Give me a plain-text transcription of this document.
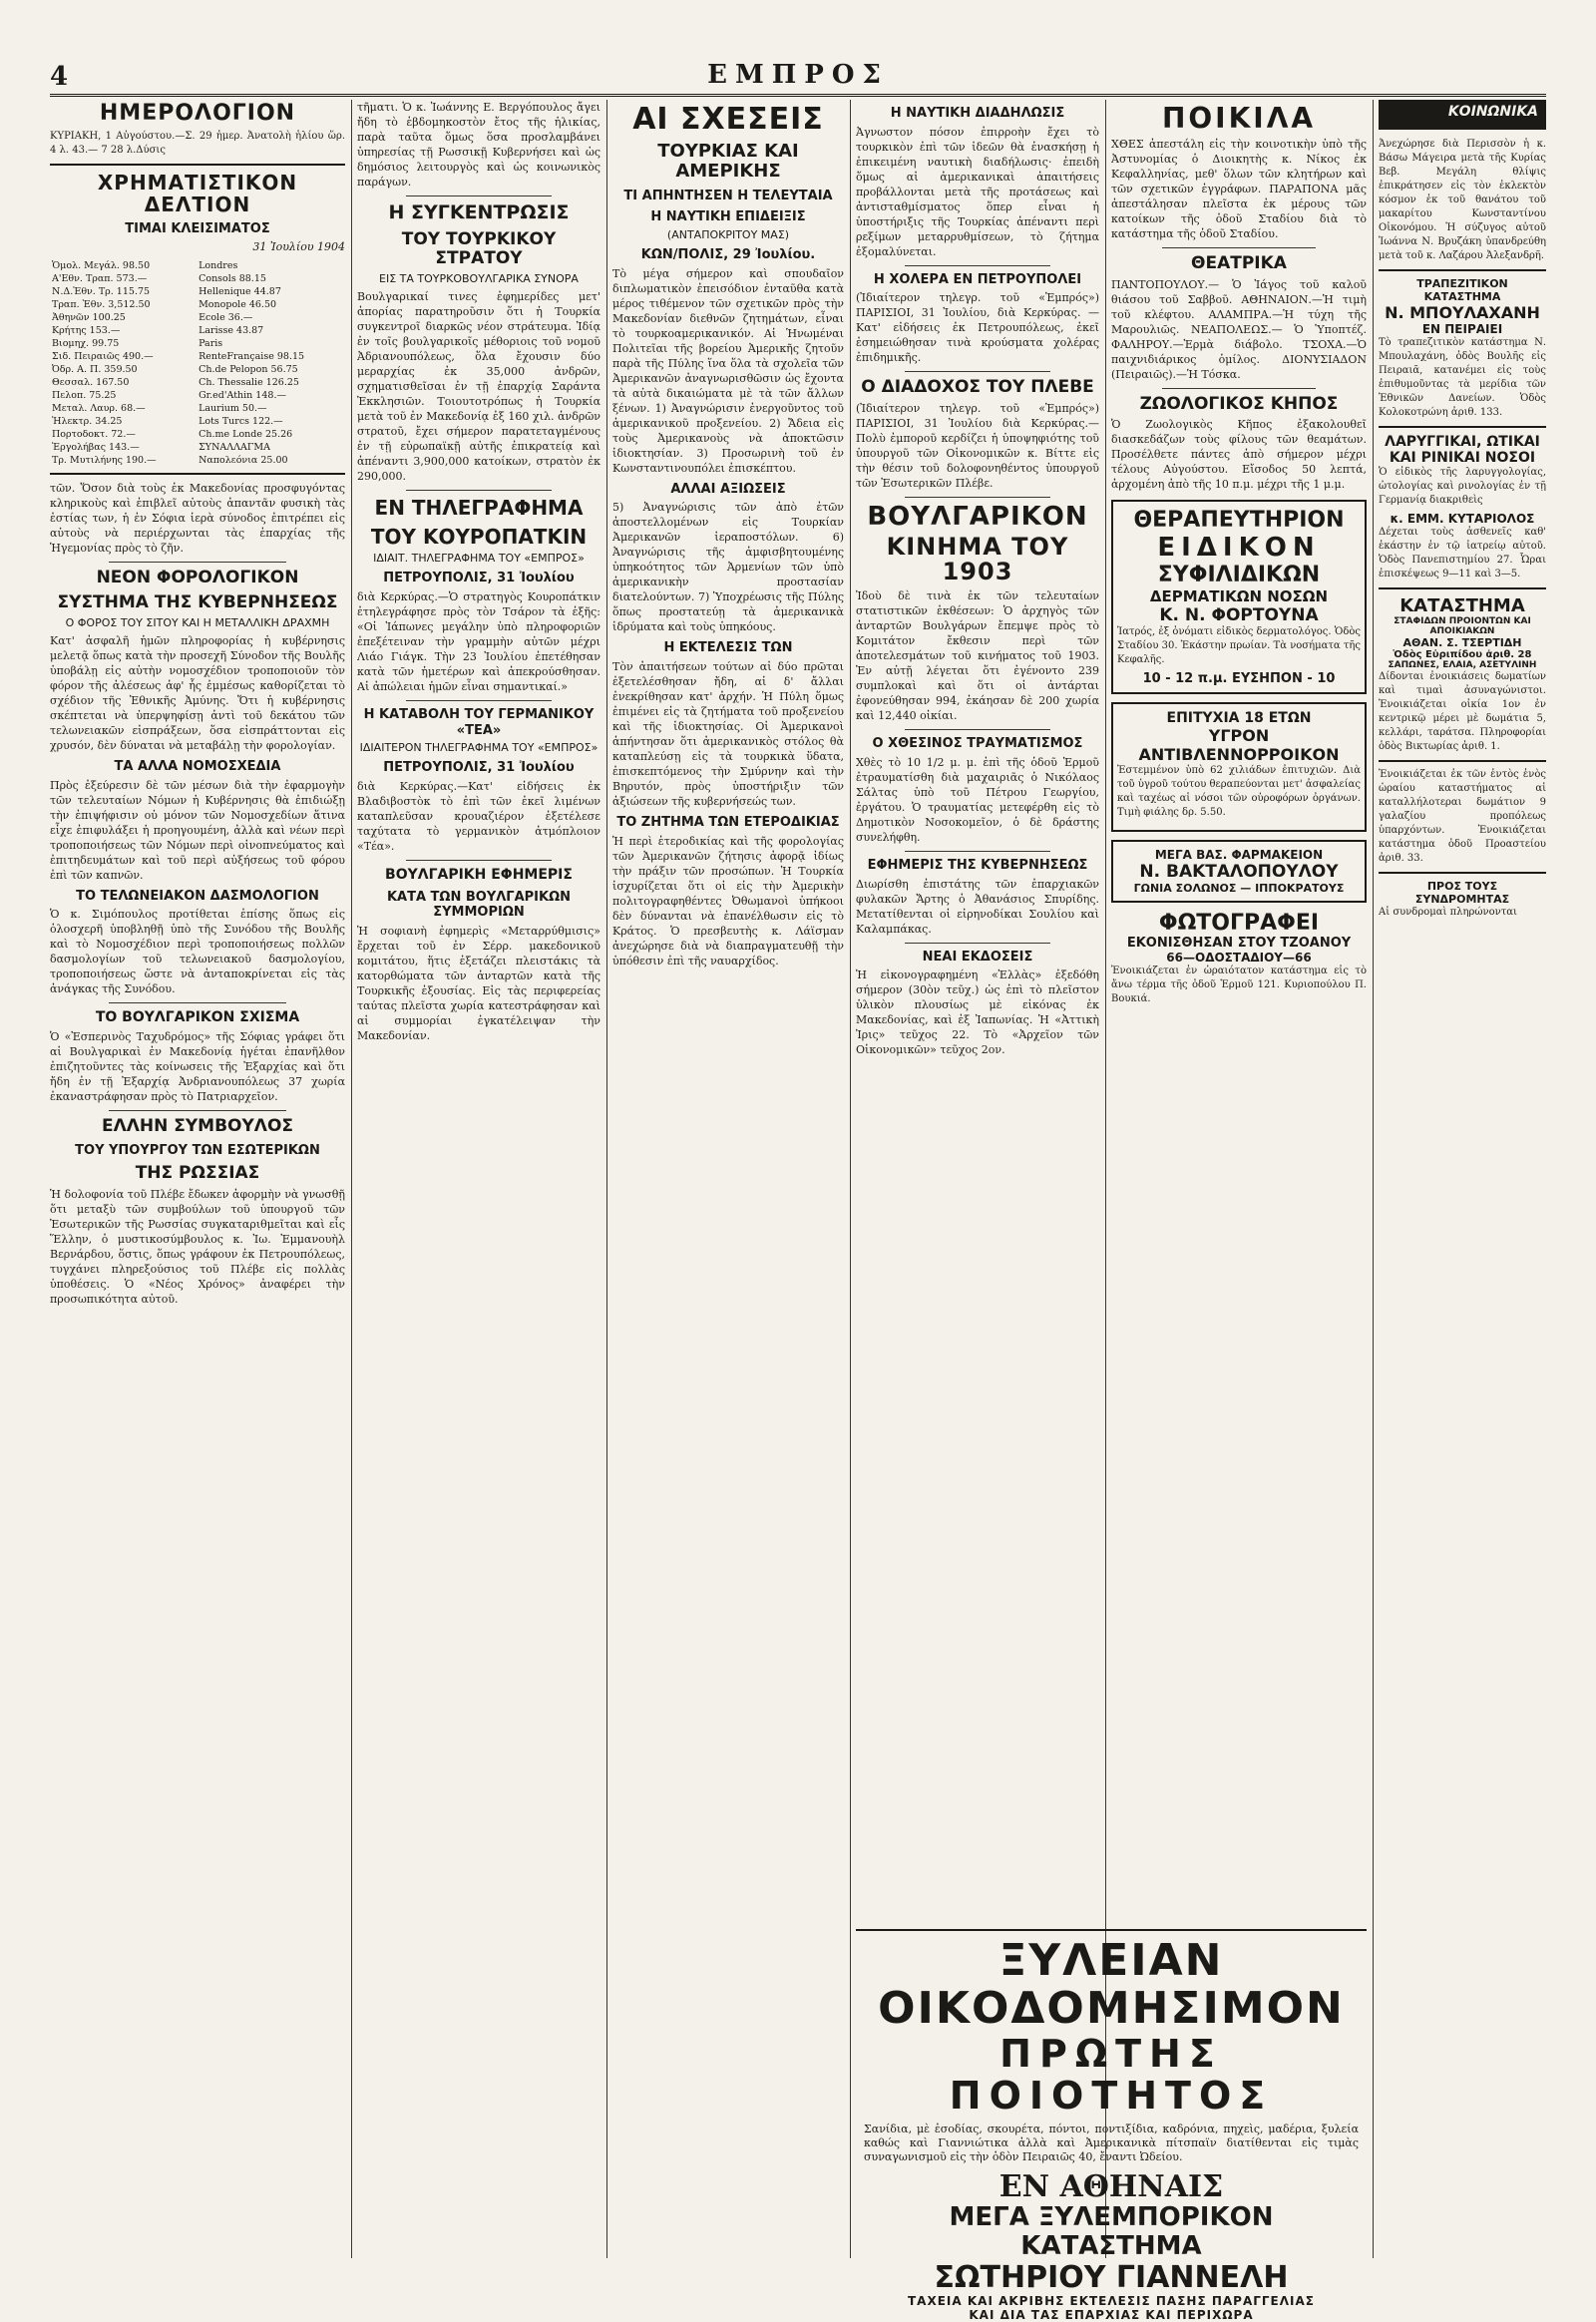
4	ΕΜΠΡΟΣ
ΗΜΕΡΟΛΟΓΙΟΝ

ΚΥΡΙΑΚΗ, 1 Αὐγούστου.—Σ. 29 ἡμερ. Ἀνατολὴ ἡλίου ὥρ. 4 λ. 43.— 7 28 λ.Δύσις

ΧΡΗΜΑΤΙΣΤΙΚΟΝ ΔΕΛΤΙΟΝ
ΤΙΜΑΙ ΚΛΕΙΣΙΜΑΤΟΣ
31 Ἰουλίου 1904
Ὁμολ. Μεγάλ. 98.50	Londres
Α'Εθν. Τραπ. 573.—	Consols 88.15
Ν.Δ.Ἐθν. Τρ. 115.75	Hellenique 44.87
Τραπ. Ἐθν. 3,512.50	Monopole 46.50
Ἀθηνῶν 100.25	Ecole 36.—
Κρήτης 153.—	Larisse 43.87
Βιομηχ. 99.75	Paris
Σιδ. Πειραιῶς 490.—	RenteFrançaise 98.15
Ὀδρ. Α. Π. 359.50	Ch.de Pelopon 56.75
Θεσσαλ. 167.50	Ch. Thessalie 126.25
Πελοπ. 75.25	Gr.ed'Athin 148.—
Μεταλ. Λαυρ. 68.—	Laurium 50.—
Ἠλεκτρ. 34.25	Lots Turcs 122.—
Πορτοδοκτ. 72.—	Ch.me Londe 25.26
Ἐργολήβας 143.—	ΣΥΝΑΛΛΑΓΜΑ
Τρ. Μυτιλήνης 190.—	Ναπολεόνια 25.00

τῶν. Ὅσον διὰ τοὺς ἐκ Μακεδονίας προσφυγόντας κληρικοὺς καὶ ἐπιβλεῖ αὐτοὺς ἀπαντᾶν φυσικὴ τὰς ἐστίας των, ἡ ἐν Σόφια ἱερὰ σύνοδος ἐπιτρέπει εἰς αὐτοὺς νὰ περιέρχωνται τὰς ἐπαρχίας τῆς Ἡγεμονίας πρὸς τὸ ζῆν.

ΝΕΟΝ ΦΟΡΟΛΟΓΙΚΟΝ
ΣΥΣΤΗΜΑ ΤΗΣ ΚΥΒΕΡΝΗΣΕΩΣ
Ο ΦΟΡΟΣ ΤΟΥ ΣΙΤΟΥ ΚΑΙ Η ΜΕΤΑΛΛΙΚΗ ΔΡΑΧΜΗ

Κατ' ἀσφαλῆ ἡμῶν πληροφορίας ἡ κυβέρνησις μελετᾷ ὅπως κατὰ τὴν προσεχῆ Σύνοδον τῆς Βουλῆς ὑποβάλῃ εἰς αὐτὴν νομοσχέδιον τροποποιοῦν τὸν φόρον τῆς ἀλέσεως ἀφ' ἧς ἐμμέσως καθορίζεται τὸ σχέδιον τῆς Ἐθνικῆς Ἀμύνης. Ὅτι ἡ κυβέρνησις σκέπτεται νὰ ὑπερψηφίσῃ ἀντὶ τοῦ δεκάτου τῶν τελωνειακῶν εἰσπράξεων, ὅσα εἰσπράττονται εἰς χρυσόν, δὲν δύναται νὰ μεταβάλῃ τὴν φορολογίαν.

ΤΑ ΑΛΛΑ ΝΟΜΟΣΧΕΔΙΑ

Πρὸς ἐξεύρεσιν δὲ τῶν μέσων διὰ τὴν ἐφαρμογὴν τῶν τελευταίων Νόμων ἡ Κυβέρνησις θὰ ἐπιδιώξῃ τὴν ἐπιψήφισιν οὐ μόνον τῶν Νομοσχεδίων ἅτινα εἶχε ἐπιφυλάξει ἡ προηγουμένη, ἀλλὰ καὶ νέων περὶ τροποποιήσεως τῶν Νόμων περὶ οἰνοπνεύματος καὶ ἐπιτηδευμάτων καὶ τοῦ περὶ αὐξήσεως τοῦ φόρου ἐπὶ τῶν καπνῶν.

ΤΟ ΤΕΛΩΝΕΙΑΚΟΝ ΔΑΣΜΟΛΟΓΙΟΝ

Ὁ κ. Σιμόπουλος προτίθεται ἐπίσης ὅπως εἰς ὁλοσχερῆ ὑποβληθῇ ὑπὸ τῆς Συνόδου τῆς Βουλῆς καὶ τὸ Νομοσχέδιον περὶ τροποποιήσεως πολλῶν δασμολογίων τοῦ τελωνειακοῦ δασμολογίου, τροποποιήσεως ὥστε νὰ ἀνταποκρίνεται εἰς τὰς ἀνάγκας τῆς Συνόδου.

ΤΟ ΒΟΥΛΓΑΡΙΚΟΝ ΣΧΙΣΜΑ

Ὁ «Ἐσπερινὸς Ταχυδρόμος» τῆς Σόφιας γράφει ὅτι αἱ Βουλγαρικαὶ ἐν Μακεδονίᾳ ἡγέται ἐπανῆλθον ἐπιζητοῦντες τὰς κοίνωσεις τῆς Ἐξαρχίας καὶ ὅτι ἤδη ἐν τῇ Ἐξαρχίᾳ Ἀνδριανουπόλεως 37 χωρία ἐκαναστράφησαν πρὸς τὸ Πατριαρχεῖον.

ΕΛΛΗΝ ΣΥΜΒΟΥΛΟΣ
ΤΟΥ ΥΠΟΥΡΓΟΥ ΤΩΝ ΕΣΩΤΕΡΙΚΩΝ
ΤΗΣ ΡΩΣΣΙΑΣ

Ἡ δολοφονία τοῦ Πλέβε ἔδωκεν ἀφορμὴν νὰ γνωσθῇ ὅτι μεταξὺ τῶν συμβούλων τοῦ ὑπουργοῦ τῶν Ἐσωτερικῶν τῆς Ρωσσίας συγκαταριθμεῖται καὶ εἷς Ἕλλην, ὁ μυστικοσύμβουλος κ. Ἰω. Ἐμμανουὴλ Βερνάρδου, ὅστις, ὅπως γράφουν ἐκ Πετρουπόλεως, τυγχάνει πληρεξούσιος τοῦ Πλέβε εἰς πολλὰς ὑποθέσεις. Ὁ «Νέος Χρόνος» ἀναφέρει τὴν προσωπικότητα αὐτοῦ.

τῆματι. Ὁ κ. Ἰωάννης Ε. Βεργόπουλος ἄγει ἤδη τὸ ἑβδομηκοστὸν ἔτος τῆς ἡλικίας, παρὰ ταῦτα ὅμως ὅσα προσλαμβάνει ὑπηρεσίας τῇ Ρωσσικῇ Κυβερνήσει καὶ ὡς δημόσιος λειτουργὸς καὶ ὡς κοινωνικὸς παράγων.

Η ΣΥΓΚΕΝΤΡΩΣΙΣ
ΤΟΥ ΤΟΥΡΚΙΚΟΥ ΣΤΡΑΤΟΥ
ΕΙΣ ΤΑ ΤΟΥΡΚΟΒΟΥΛΓΑΡΙΚΑ ΣΥΝΟΡΑ

Βουλγαρικαί τινες ἐφημερίδες μετ' ἀπορίας παρατηροῦσιν ὅτι ἡ Τουρκία συγκεντροῖ διαρκῶς νέον στράτευμα. Ἰδίᾳ ἐν τοῖς βουλγαρικοῖς μέθοριοις τοῦ νομοῦ Ἀδριανουπόλεως, ὅλα ἔχουσιν δύο μεραρχίας ἐκ 35,000 ἀνδρῶν, σχηματισθεῖσαι ἐν τῇ ἐπαρχίᾳ Σαράντα Ἐκκλησιῶν. Τοιουτοτρόπως ἡ Τουρκία μετὰ τοῦ ἐν Μακεδονίᾳ ἐξ 160 χιλ. ἀνδρῶν στρατοῦ, ἔχει σήμερον παρατεταγμένους ἐν τῇ εὐρωπαϊκῇ αὐτῆς ἐπικρατείᾳ καὶ ἀπέναντι 3,900,000 κατοίκων, στρατὸν ἐκ 290,000.

ΕΝ ΤΗΛΕΓΡΑΦΗΜΑ
ΤΟΥ ΚΟΥΡΟΠΑΤΚΙΝ
ΙΔΙΑΙΤ. ΤΗΛΕΓΡΑΦΗΜΑ ΤΟΥ «ΕΜΠΡΟΣ»
ΠΕΤΡΟΥΠΟΛΙΣ, 31 Ἰουλίου

διὰ Κερκύρας.—Ὁ στρατηγὸς Κουροπάτκιν ἐτηλεγράφησε πρὸς τὸν Τσάρον τὰ ἑξῆς: «Οἱ Ἰάπωνες μεγάλην ὑπὸ πληροφοριῶν ἐπεξέτειναν τὴν γραμμὴν αὐτῶν μέχρι Λιάο Γιάγκ. Τὴν 23 Ἰουλίου ἐπετέθησαν κατὰ τῶν ἡμετέρων καὶ ἀπεκρούσθησαν. Αἱ ἀπώλειαι ἡμῶν εἶναι σημαντικαί.»

Η ΚΑΤΑΒΟΛΗ ΤΟΥ ΓΕΡΜΑΝΙΚΟΥ «ΤΕΑ»
ΙΔΙΑΙΤΕΡΟΝ ΤΗΛΕΓΡΑΦΗΜΑ ΤΟΥ «ΕΜΠΡΟΣ»
ΠΕΤΡΟΥΠΟΛΙΣ, 31 Ἰουλίου

διὰ Κερκύρας.—Κατ' εἰδήσεις ἐκ Βλαδιβοστὸκ τὸ ἐπὶ τῶν ἐκεῖ λιμένων καταπλεῦσαν κρουαζιέρον ἐξετέλεσε ταχύτατα τὸ γερμανικὸν ἀτμόπλοιον «Τέα».

ΒΟΥΛΓΑΡΙΚΗ ΕΦΗΜΕΡΙΣ
ΚΑΤΑ ΤΩΝ ΒΟΥΛΓΑΡΙΚΩΝ ΣΥΜΜΟΡΙΩΝ

Ἡ σοφιανὴ ἐφημερὶς «Μεταρρύθμισις» ἔρχεται τοῦ ἐν Σέρρ. μακεδονικοῦ κομιτάτου, ἥτις ἐξετάζει πλειστάκις τὰ κατορθώματα τῶν ἀνταρτῶν κατὰ τῆς Τουρκικῆς ἐξουσίας. Εἰς τὰς περιφερείας ταύτας πλεῖστα χωρία κατεστράφησαν καὶ αἱ συμμορίαι ἐγκατέλειψαν τὴν Μακεδονίαν.

ΑΙ ΣΧΕΣΕΙΣ
ΤΟΥΡΚΙΑΣ ΚΑΙ ΑΜΕΡΙΚΗΣ
ΤΙ ΑΠΗΝΤΗΣΕΝ Η ΤΕΛΕΥΤΑΙΑ
Η ΝΑΥΤΙΚΗ ΕΠΙΔΕΙΞΙΣ
(ΑΝΤΑΠΟΚΡΙΤΟΥ ΜΑΣ)
ΚΩΝ/ΠΟΛΙΣ, 29 Ἰουλίου.

Τὸ μέγα σήμερον καὶ σπουδαῖον διπλωματικὸν ἐπεισόδιον ἐνταῦθα κατὰ μέρος τιθέμενον τῶν σχετικῶν πρὸς τὴν Μακεδονίαν διεθνῶν ζητημάτων, εἶναι τὸ τουρκοαμερικανικόν. Αἱ Ἡνωμέναι Πολιτεῖαι τῆς βορείου Ἀμερικῆς ζητοῦν παρὰ τῆς Πύλης ἵνα ὅλα τὰ σχολεῖα τῶν Ἀμερικανῶν ἀναγνωρισθῶσιν ὡς ἔχοντα τὰ αὐτὰ δικαιώματα μὲ τὰ τῶν ἄλλων ξένων. 1) Ἀναγνώρισιν ἐνεργοῦντος τοῦ ἀμερικανικοῦ προξενείου. 2) Ἄδεια εἰς τοὺς Ἀμερικανοὺς νὰ ἀποκτῶσιν ἰδιοκτησίαν. 3) Προσωρινὴ τοῦ ἐν Κωνσταντινουπόλει ἐπισκέπτου.

ΑΛΛΑΙ ΑΞΙΩΣΕΙΣ

5) Ἀναγνώρισις τῶν ἀπὸ ἐτῶν ἀποστελλομένων εἰς Τουρκίαν Ἀμερικανῶν ἱεραποστόλων. 6) Ἀναγνώρισις τῆς ἀμφισβητουμένης ὑπηκοότητος τῶν Ἀρμενίων τῶν ὑπὸ ἀμερικανικὴν προστασίαν διατελούντων. 7) Ὑποχρέωσις τῆς Πύλης ὅπως προστατεύῃ τὰ ἀμερικανικὰ ἱδρύματα καὶ τοὺς ὑπηκόους.

Η ΕΚΤΕΛΕΣΙΣ ΤΩΝ

Τὸν ἀπαιτήσεων τούτων αἱ δύο πρῶται ἐξετελέσθησαν ἤδη, αἱ δ' ἄλλαι ἐνεκρίθησαν κατ' ἀρχήν. Ἡ Πύλη ὅμως ἐπιμένει εἰς τὰ ζητήματα τοῦ προξενείου καὶ τῆς ἱδιοκτησίας. Οἱ Ἀμερικανοὶ ἀπήντησαν ὅτι ἀμερικανικὸς στόλος θὰ καταπλεύσῃ εἰς τὰ τουρκικὰ ὕδατα, ἐπισκεπτόμενος τὴν Σμύρνην καὶ τὴν Βηρυτόν, πρὸς ὑποστήριξιν τῶν ἀξιώσεων τῆς κυβερνήσεώς των.

ΤΟ ΖΗΤΗΜΑ ΤΩΝ ΕΤΕΡΟΔΙΚΙΑΣ

Ἡ περὶ ἑτεροδικίας καὶ τῆς φορολογίας τῶν Ἀμερικανῶν ζήτησις ἀφορᾷ ἰδίως τὴν πράξιν τῶν προσώπων. Ἡ Τουρκία ἰσχυρίζεται ὅτι οἱ εἰς τὴν Ἀμερικὴν πολιτογραφηθέντες Ὀθωμανοὶ ὑπήκοοι δὲν δύνανται νὰ ἐπανέλθωσιν εἰς τὸ Κράτος. Ὁ πρεσβευτὴς κ. Λάϊσμαν ἀνεχώρησε διὰ νὰ διαπραγματευθῇ τὴν ὑπόθεσιν ἐπὶ τῆς ναυαρχίδος.

Η ΝΑΥΤΙΚΗ ΔΙΑΔΗΛΩΣΙΣ

Ἀγνωστον πόσον ἐπιρροὴν ἔχει τὸ τουρκικὸν ἐπὶ τῶν ἰδεῶν θὰ ἐνασκήσῃ ἡ ἐπικειμένη ναυτικὴ διαδήλωσις· ἐπειδὴ ὅμως αἱ ἀμερικανικαὶ ἀπαιτήσεις προβάλλονται μετὰ τῆς προτάσεως καὶ ἀντισταθμίσματος ὅπερ εἶναι ἡ ὑποστήριξις τῆς Τουρκίας ἀπέναντι περὶ ρεξίμων μεταρρυθμίσεων, τὸ ζήτημα ἐξομαλύνεται.

Η ΧΟΛΕΡΑ ΕΝ ΠΕΤΡΟΥΠΟΛΕΙ

(Ἰδιαίτερον τηλεγρ. τοῦ «Ἐμπρός») ΠΑΡΙΣΙΟΙ, 31 Ἰουλίου, διὰ Κερκύρας. — Κατ' εἰδήσεις ἐκ Πετρουπόλεως, ἐκεῖ ἐσημειώθησαν τινὰ κρούσματα χολέρας ἐπιδημικῆς.

Ο ΔΙΑΔΟΧΟΣ ΤΟΥ ΠΛΕΒΕ

(Ἰδιαίτερον τηλεγρ. τοῦ «Ἐμπρός») ΠΑΡΙΣΙΟΙ, 31 Ἰουλίου διὰ Κερκύρας.— Πολὺ ἐμποροῦ κερδίζει ἡ ὑποψηφιότης τοῦ ὑπουργοῦ τῶν Οἰκονομικῶν κ. Βίττε εἰς τὴν θέσιν τοῦ δολοφονηθέντος ὑπουργοῦ τῶν Ἐσωτερικῶν Πλέβε.

ΒΟΥΛΓΑΡΙΚΟΝ
ΚΙΝΗΜΑ ΤΟΥ 1903

Ἰδοὺ δὲ τινὰ ἐκ τῶν τελευταίων στατιστικῶν ἐκθέσεων: Ὁ ἀρχηγὸς τῶν ἀνταρτῶν Βουλγάρων ἔπεμψε πρὸς τὸ Κομιτάτον ἔκθεσιν περὶ τῶν ἀποτελεσμάτων τοῦ κινήματος τοῦ 1903. Ἐν αὐτῇ λέγεται ὅτι ἐγένοντο 239 συμπλοκαὶ καὶ ὅτι οἱ ἀντάρται ἐφονεύθησαν 994, ἐκάησαν δὲ 200 χωρία καὶ 12,440 οἰκίαι.

Ο ΧΘΕΣΙΝΟΣ ΤΡΑΥΜΑΤΙΣΜΟΣ

Χθὲς τὸ 10 1/2 μ. μ. ἐπὶ τῆς ὁδοῦ Ἑρμοῦ ἐτραυματίσθη διὰ μαχαιριᾶς ὁ Νικόλαος Σάλτας ὑπὸ τοῦ Πέτρου Γεωργίου, ἐργάτου. Ὁ τραυματίας μετεφέρθη εἰς τὸ Δημοτικὸν Νοσοκομεῖον, ὁ δὲ δράστης συνελήφθη.

ΕΦΗΜΕΡΙΣ ΤΗΣ ΚΥΒΕΡΝΗΣΕΩΣ

Διωρίσθη ἐπιστάτης τῶν ἐπαρχιακῶν φυλακῶν Ἄρτης ὁ Ἀθανάσιος Σπυρίδης. Μετατίθενται οἱ εἰρηνοδίκαι Σουλίου καὶ Καλαμπάκας.

ΝΕΑΙ ΕΚΔΟΣΕΙΣ

Ἡ εἰκονογραφημένη «Ἑλλὰς» ἐξεδόθη σήμερον (30ὸν τεῦχ.) ὡς ἐπὶ τὸ πλεῖστον ὑλικὸν πλουσίως μὲ εἰκόνας ἐκ Μακεδονίας, καὶ ἐξ Ἰαπωνίας. Ἡ «Ἀττικὴ Ἰρις» τεῦχος 22. Τὸ «Ἀρχεῖον τῶν Οἰκονομικῶν» τεῦχος 2ον.

ΠΟΙΚΙΛΑ

ΧΘΕΣ ἀπεστάλη εἰς τὴν κοινοτικὴν ὑπὸ τῆς Ἀστυνομίας ὁ Διοικητὴς κ. Νίκος ἐκ Κεφαλληνίας, μεθ' ὅλων τῶν κλητήρων καὶ τῶν σχετικῶν ἐγγράφων. ΠΑΡΑΠΟΝΑ μᾶς ἀπεστάλησαν πλεῖστα ἐκ μέρους τῶν κατοίκων τῆς ὁδοῦ Σταδίου διὰ τὸ κατάστημα τῆς ὁδοῦ Σταδίου.

ΘΕΑΤΡΙΚΑ

ΠΑΝΤΟΠΟΥΛΟΥ.— Ὁ Ἰάγος τοῦ καλοῦ θιάσου τοῦ Σαββοῦ. ΑΘΗΝΑΙΟΝ.—Ἡ τιμὴ τοῦ κλέφτου. ΑΛΑΜΠΡΑ.—Ἡ τύχη τῆς Μαρουλιῶς. ΝΕΑΠΟΛΕΩΣ.— Ὁ Ὑποπτέζ. ΦΑΛΗΡΟΥ.—Ἑρμὰ διάβολο. ΤΣΟΧΑ.—Ὁ παιχνιδιάρικος ὁμίλος. ΔΙΟΝΥΣΙΑΔΟΝ (Πειραιῶς).—Ἡ Τόσκα.

ΖΩΟΛΟΓΙΚΟΣ ΚΗΠΟΣ

Ὁ Ζωολογικὸς Κῆπος ἐξακολουθεῖ διασκεδάζων τοὺς φίλους τῶν θεαμάτων. Προσέλθετε πάντες ἀπὸ σήμερον μέχρι τέλους Αὐγούστου. Εἴσοδος 50 λεπτά, ἀρχομένη ἀπὸ τῆς 10 π.μ. μέχρι τῆς 1 μ.μ.

ΘΕΡΑΠΕΥΤΗΡΙΟΝ
ΕΙΔΙΚΟΝ
ΣΥΦΙΛΙΔΙΚΩΝ
ΔΕΡΜΑΤΙΚΩΝ ΝΟΣΩΝ
Κ. Ν. ΦΟΡΤΟΥΝΑ

Ἰατρός, ἐξ ὀνόματι εἰδικὸς δερματολόγος. Ὁδὸς Σταδίου 30. Ἑκάστην πρωίαν. Τὰ νοσήματα τῆς Κεφαλῆς.

10 - 12 π.μ. ΕΥΣΗΠΟΝ - 10
ΕΠΙΤΥΧΙΑ 18 ΕΤΩΝ
ΥΓΡΟΝ ΑΝΤΙΒΛΕΝΝΟΡΡΟΙΚΟΝ

Ἐστεμμένον ὑπὸ 62 χιλιάδων ἐπιτυχιῶν. Διὰ τοῦ ὑγροῦ τούτου θεραπεύονται μετ' ἀσφαλείας καὶ ταχέως αἱ νόσοι τῶν οὐροφόρων ὀργάνων. Τιμὴ φιάλης δρ. 5.50.

ΜΕΓΑ ΒΑΣ. ΦΑΡΜΑΚΕΙΟΝ
Ν. ΒΑΚΤΑΛΟΠΟΥΛΟΥ
ΓΩΝΙΑ ΣΟΛΩΝΟΣ — ΙΠΠΟΚΡΑΤΟΥΣ
ΦΩΤΟΓΡΑΦΕΙ
ΕΚΟΝΙΣΘΗΣΑΝ ΣΤΟΥ ΤΖΟΑΝΟΥ
66—ΟΔΟΣΤΑΔΙΟΥ—66

Ἐνοικιάζεται ἐν ὡραιότατον κατάστημα εἰς τὸ ἄνω τέρμα τῆς ὁδοῦ Ἑρμοῦ 121. Κυριοπούλου Π. Βουκιά.

ΚΟΙΝΩΝΙΚΑ

Ἀνεχώρησε διὰ Περισσὸν ἡ κ. Βάσω Μάγειρα μετὰ τῆς Κυρίας Βεβ. Μεγάλη θλίψις ἐπικράτησεν εἰς τὸν ἐκλεκτὸν κόσμον ἐκ τοῦ θανάτου τοῦ μακαρίτου Κωνσταντίνου Οἰκονόμου. Ἡ σύζυγος αὐτοῦ Ἰωάννα Ν. Βρυζάκη ὑπανδρεύθη μετὰ τοῦ κ. Λαζάρου Ἀλεξανδρῆ.

ΤΡΑΠΕΖΙΤΙΚΟΝ ΚΑΤΑΣΤΗΜΑ
Ν. ΜΠΟΥΛΑΧΑΝΗ
ΕΝ ΠΕΙΡΑΙΕΙ

Τὸ τραπεζιτικὸν κατάστημα Ν. Μπουλαχάνη, ὁδὸς Βουλῆς εἰς Πειραιᾶ, κατανέμει εἰς τοὺς ἐπιθυμοῦντας τὰ μερίδια τῶν Ἐθνικῶν Δανείων. Ὁδὸς Κολοκοτρώνη ἀριθ. 133.

ΛΑΡΥΓΓΙΚΑΙ, ΩΤΙΚΑΙ
ΚΑΙ ΡΙΝΙΚΑΙ ΝΟΣΟΙ

Ὁ εἰδικὸς τῆς λαρυγγολογίας, ὠτολογίας καὶ ρινολογίας ἐν τῇ Γερμανίᾳ διακριθεὶς

κ. ΕΜΜ. ΚΥΤΑΡΙΟΛΟΣ

Δέχεται τοὺς ἀσθενεῖς καθ' ἑκάστην ἐν τῷ ἰατρείῳ αὐτοῦ. Ὁδὸς Πανεπιστημίου 27. Ὧραι ἐπισκέψεως 9—11 καὶ 3—5.

ΚΑΤΑΣΤΗΜΑ
ΣΤΑΦΙΔΩΝ ΠΡΟΙΟΝΤΩΝ ΚΑΙ ΑΠΟΙΚΙΑΚΩΝ
ΑΘΑΝ. Σ. ΤΣΕΡΤΙΔΗ
Ὁδὸς Εὐριπίδου ἀριθ. 28
ΣΑΠΩΝΕΣ, ΕΛΑΙΑ, ΑΣΕΤΥΛΙΝΗ

Δίδονται ἐνοικιάσεις δωματίων καὶ τιμαὶ ἀσυναγώνιστοι. Ἐνοικιάζεται οἰκία 1ον ἐν κεντρικῷ μέρει μὲ δωμάτια 5, κελλάρι, ταράτσα. Πληροφορίαι ὁδὸς Βικτωρίας ἀριθ. 1.

Ἐνοικιάζεται ἐκ τῶν ἐντὸς ἑνὸς ὡραίου καταστήματος αἱ καταλλήλοτεραι δωμάτιον 9 γαλαζίου προπόλεως ὑπαρχόντων. Ἐνοικιάζεται κατάστημα ὁδοῦ Προαστείου ἀριθ. 33.

ΠΡΟΣ ΤΟΥΣ ΣΥΝΔΡΟΜΗΤΑΣ

Αἱ συνδρομαὶ πληρώνονται

ΞΥΛΕΙΑΝ ΟΙΚΟΔΟΜΗΣΙΜΟΝ
ΠΡΩΤΗΣ ΠΟΙΟΤΗΤΟΣ

Σανίδια, μὲ ἐσοδίας, σκουρέτα, πόντοι, ποντιξίδια, καδρόνια, πηχεὶς, μαδέρια, ξυλεία καθώς καὶ Γιαννιώτικα ἀλλὰ καὶ Ἀμερικανικὰ πίτσπαϊν διατίθενται εἰς τιμὰς συναγωνισμοῦ εἰς τὴν ὁδὸν Πειραιῶς 40, ἔναντι Ὠδείου.

ΕΝ ΑΘΗΝΑΙΣ
ΜΕΓΑ ΞΥΛΕΜΠΟΡΙΚΟΝ ΚΑΤΑΣΤΗΜΑ
ΣΩΤΗΡΙΟΥ ΓΙΑΝΝΕΛΗ
ΤΑΧΕΙΑ ΚΑΙ ΑΚΡΙΒΗΣ ΕΚΤΕΛΕΣΙΣ ΠΑΣΗΣ ΠΑΡΑΓΓΕΛΙΑΣ
ΚΑΙ ΔΙΑ ΤΑΣ ΕΠΑΡΧΙΑΣ ΚΑΙ ΠΕΡΙΧΩΡΑ
